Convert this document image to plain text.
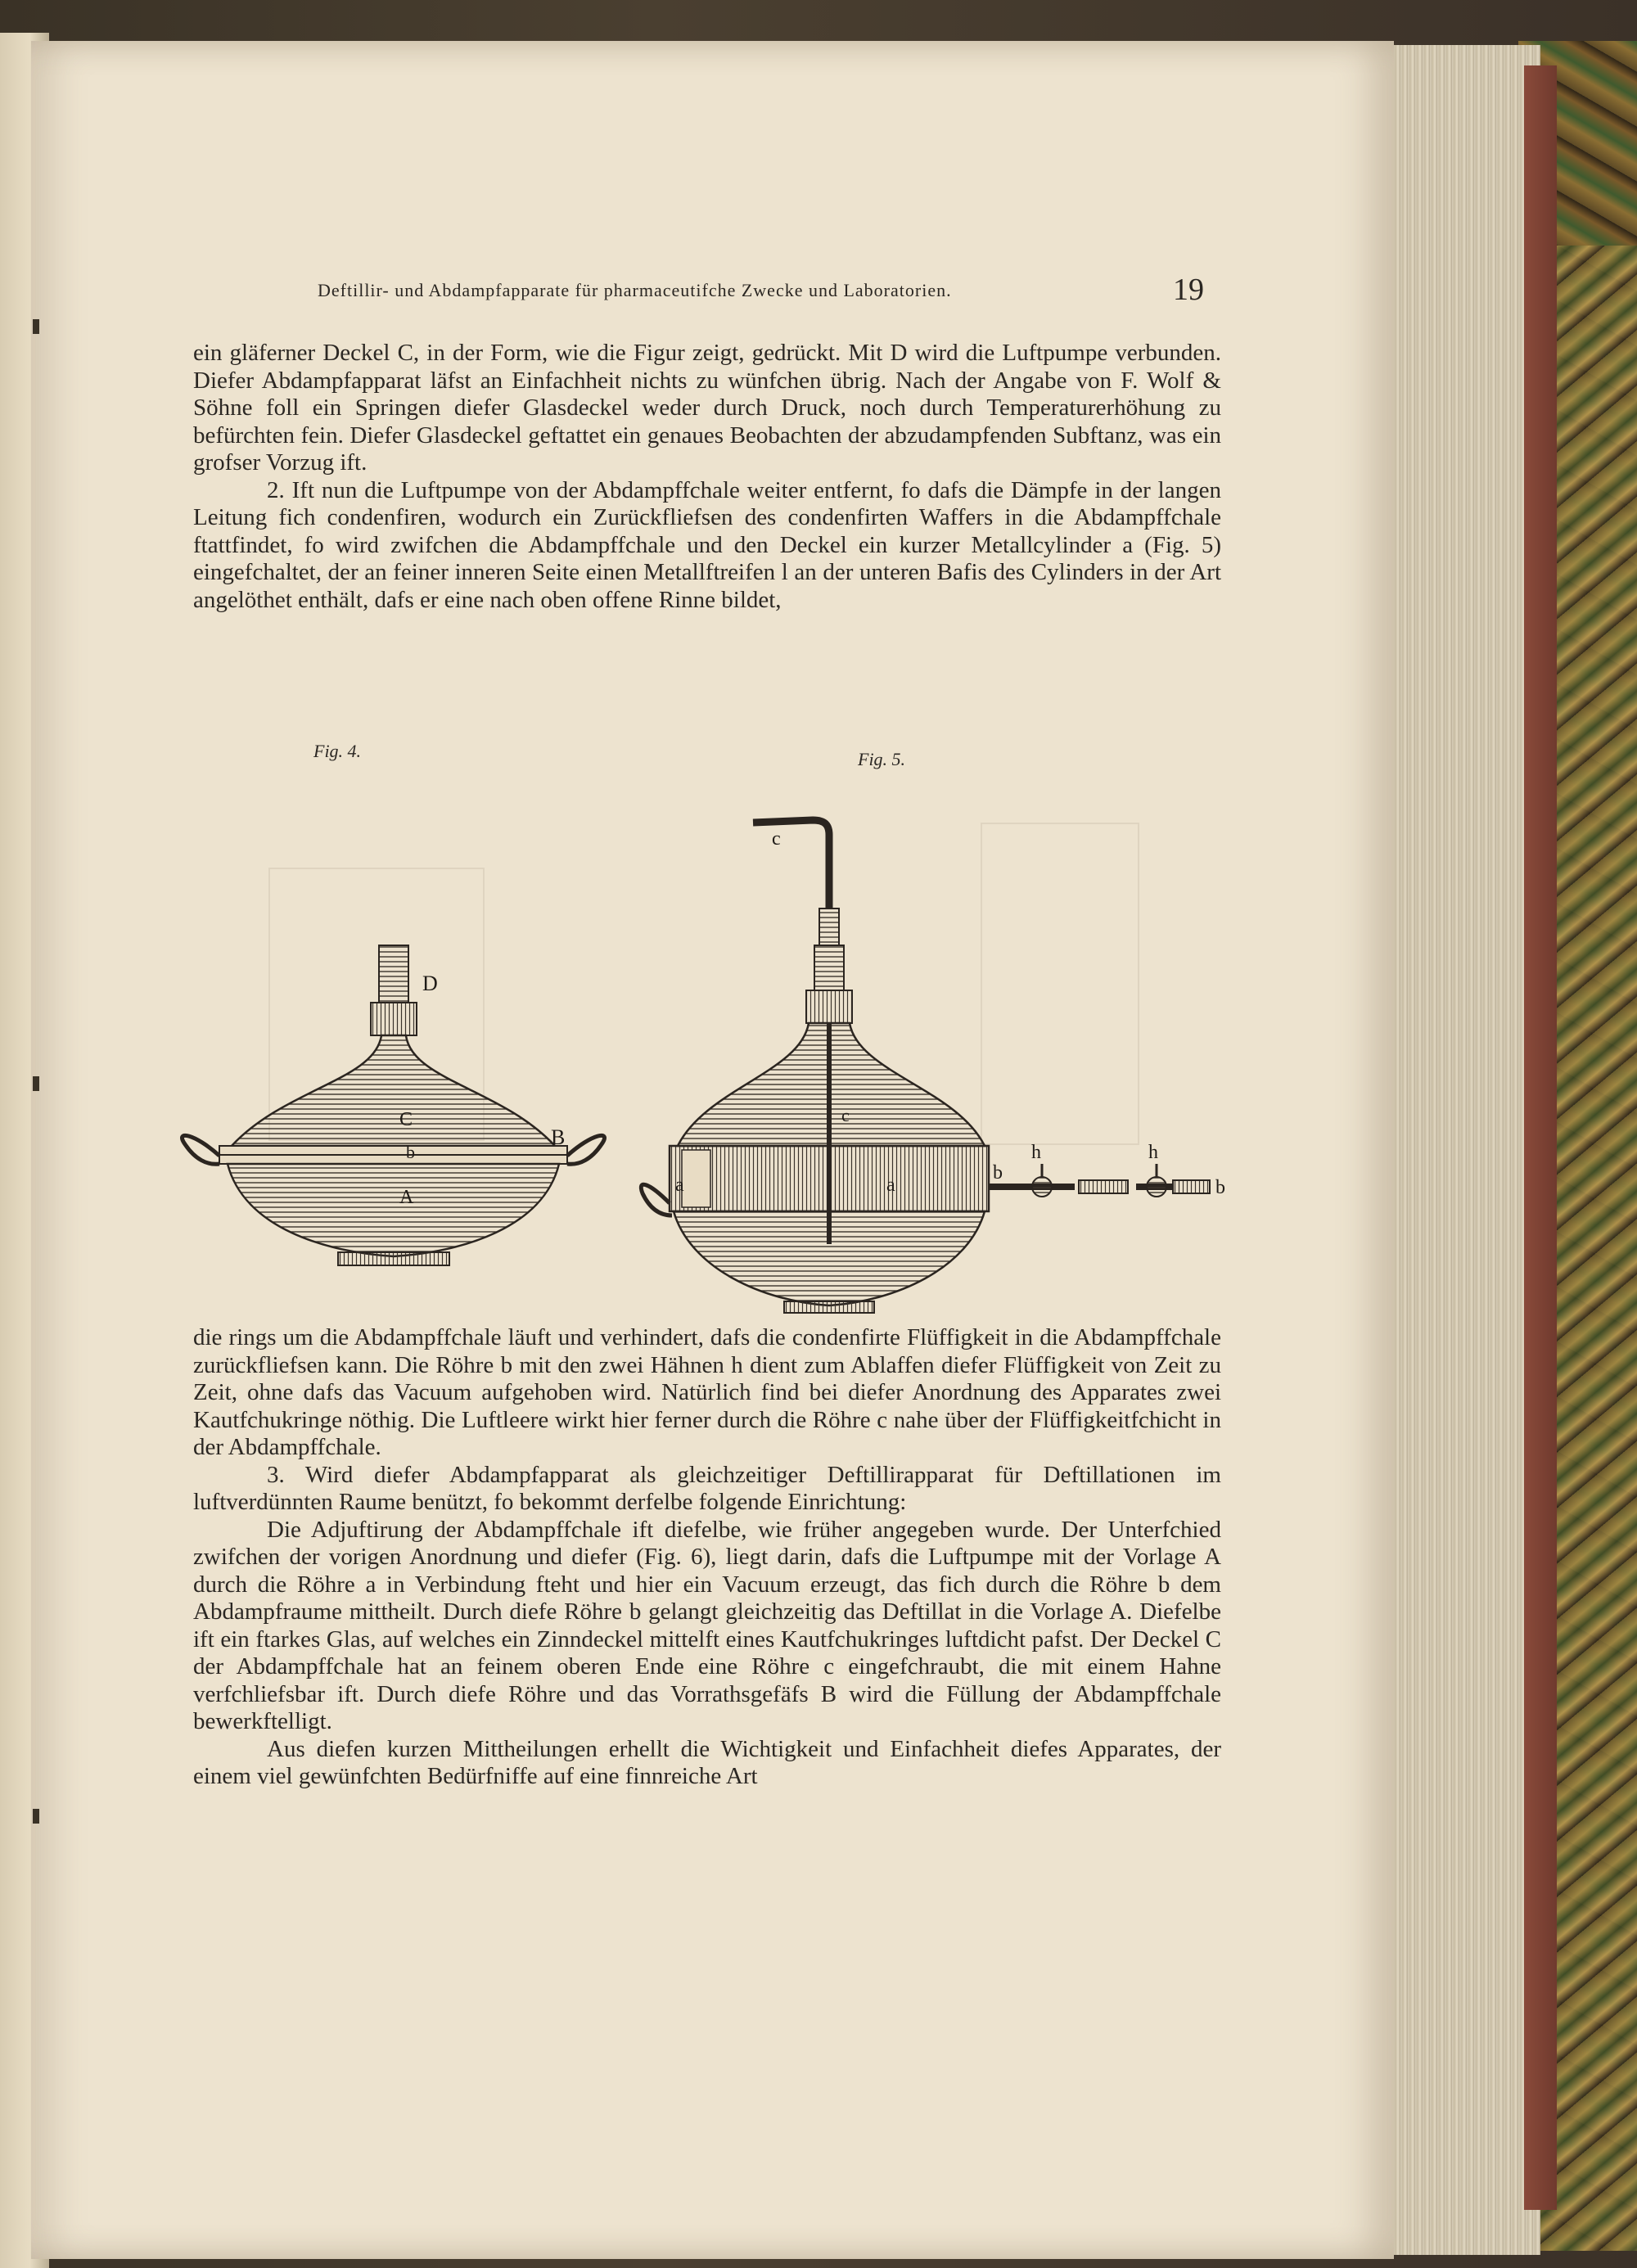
Deftillir- und Abdampfapparate für pharmaceutifche Zwecke und Laboratorien.	19

ein gläferner Deckel C, in der Form, wie die Figur zeigt, gedrückt. Mit D wird die Luftpumpe verbunden. Diefer Abdampfapparat läfst an Einfachheit nichts zu wünfchen übrig. Nach der Angabe von F. Wolf & Söhne foll ein Springen diefer Glasdeckel weder durch Druck, noch durch Temperaturerhöhung zu befürchten fein. Diefer Glasdeckel geftattet ein genaues Beobachten der abzudampfenden Subftanz, was ein grofser Vorzug ift.

2. Ift nun die Luftpumpe von der Abdampffchale weiter entfernt, fo dafs die Dämpfe in der langen Leitung fich condenfiren, wodurch ein Zurückfliefsen des condenfirten Waffers in die Abdampffchale ftattfindet, fo wird zwifchen die Abdampffchale und den Deckel ein kurzer Metallcylinder a (Fig. 5) eingefchaltet, der an feiner inneren Seite einen Metallftreifen l an der unteren Bafis des Cylinders in der Art angelöthet enthält, dafs er eine nach oben offene Rinne bildet,

Fig. 4.	Fig. 5.
D
C
b
B
A
c
c
a	a
b
h	h
b

die rings um die Abdampffchale läuft und verhindert, dafs die condenfirte Flüffigkeit in die Abdampffchale zurückfliefsen kann. Die Röhre b mit den zwei Hähnen h dient zum Ablaffen diefer Flüffigkeit von Zeit zu Zeit, ohne dafs das Vacuum aufgehoben wird. Natürlich find bei diefer Anordnung des Apparates zwei Kautfchukringe nöthig. Die Luftleere wirkt hier ferner durch die Röhre c nahe über der Flüffigkeitfchicht in der Abdampffchale.

3. Wird diefer Abdampfapparat als gleichzeitiger Deftillirapparat für Deftillationen im luftverdünnten Raume benützt, fo bekommt derfelbe folgende Einrichtung:

Die Adjuftirung der Abdampffchale ift diefelbe, wie früher angegeben wurde. Der Unterfchied zwifchen der vorigen Anordnung und diefer (Fig. 6), liegt darin, dafs die Luftpumpe mit der Vorlage A durch die Röhre a in Verbindung fteht und hier ein Vacuum erzeugt, das fich durch die Röhre b dem Abdampfraume mittheilt. Durch diefe Röhre b gelangt gleichzeitig das Deftillat in die Vorlage A. Diefelbe ift ein ftarkes Glas, auf welches ein Zinndeckel mittelft eines Kautfchukringes luftdicht pafst. Der Deckel C der Abdampffchale hat an feinem oberen Ende eine Röhre c eingefchraubt, die mit einem Hahne verfchliefsbar ift. Durch diefe Röhre und das Vorrathsgefäfs B wird die Füllung der Abdampffchale bewerkftelligt.

Aus diefen kurzen Mittheilungen erhellt die Wichtigkeit und Einfachheit diefes Apparates, der einem viel gewünfchten Bedürfniffe auf eine finnreiche Art
